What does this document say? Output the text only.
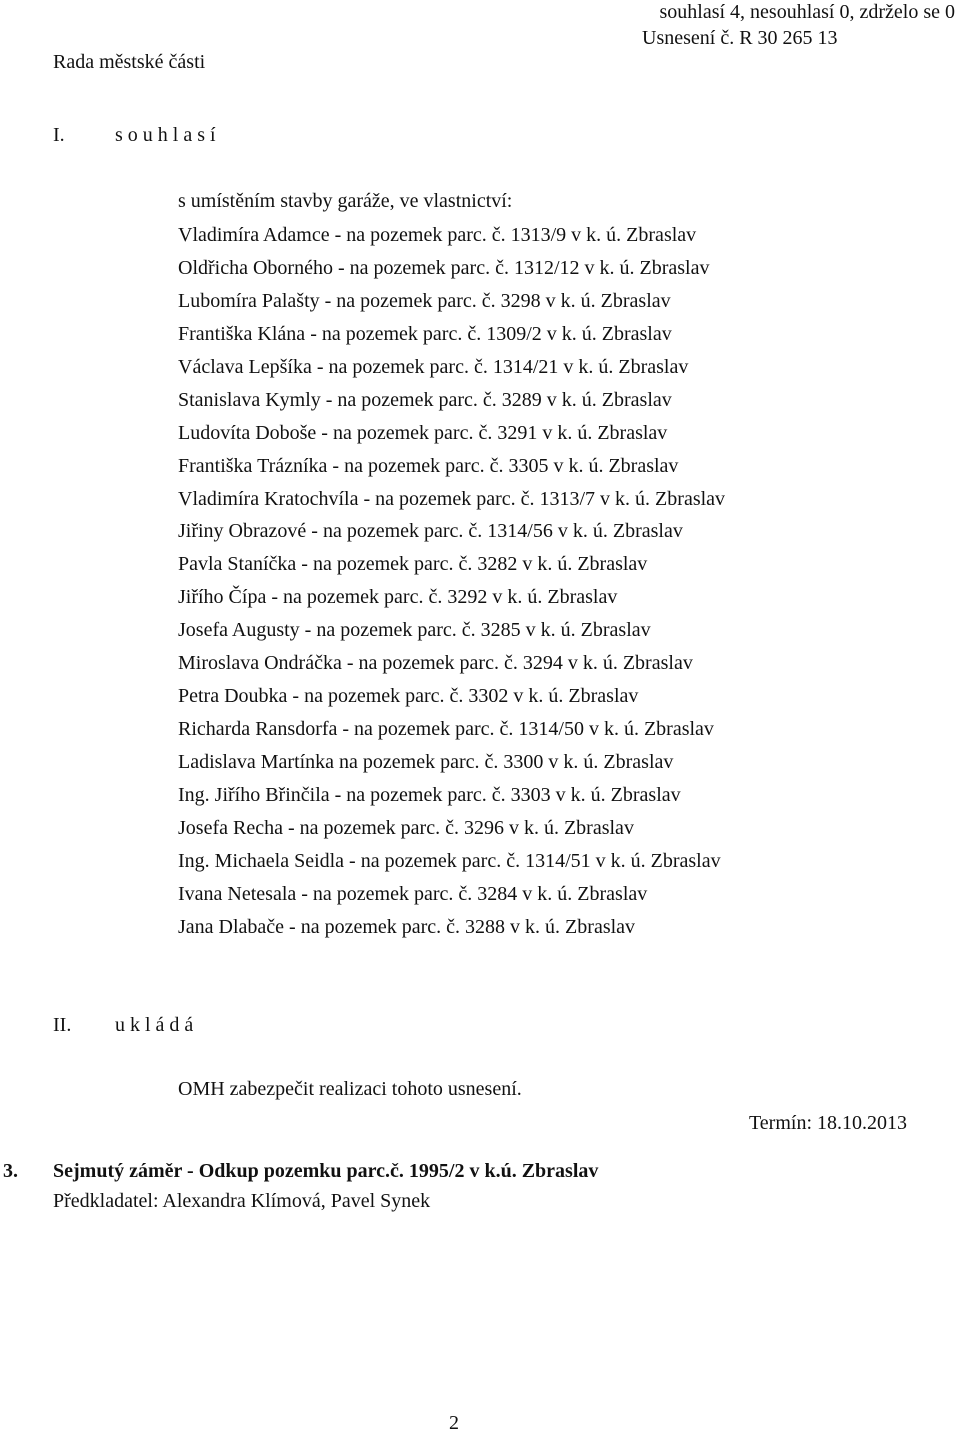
souhlasí 4, nesouhlasí 0, zdrželo se 0
Usnesení č. R 30 265 13
Rada městské části
I.	s o u h l a s í
s umístěním stavby garáže, ve vlastnictví:
Vladimíra Adamce - na pozemek parc. č. 1313/9 v k. ú. Zbraslav
Oldřicha Oborného - na pozemek parc. č. 1312/12 v k. ú. Zbraslav
Lubomíra Palašty - na pozemek parc. č. 3298 v k. ú. Zbraslav
Františka Klána - na pozemek parc. č. 1309/2 v k. ú. Zbraslav
Václava Lepšíka - na pozemek parc. č. 1314/21 v k. ú. Zbraslav
Stanislava Kymly - na pozemek parc. č. 3289 v k. ú. Zbraslav
Ludovíta Doboše - na pozemek parc. č. 3291 v k. ú. Zbraslav
Františka Trázníka - na pozemek parc. č. 3305 v k. ú. Zbraslav
Vladimíra Kratochvíla - na pozemek parc. č. 1313/7 v k. ú. Zbraslav
Jiřiny Obrazové - na pozemek parc. č. 1314/56 v k. ú. Zbraslav
Pavla Staníčka - na pozemek parc. č. 3282 v k. ú. Zbraslav
Jiřího Čípa - na pozemek parc. č. 3292 v k. ú. Zbraslav
Josefa Augusty - na pozemek parc. č. 3285 v k. ú. Zbraslav
Miroslava Ondráčka - na pozemek parc. č. 3294 v k. ú. Zbraslav
Petra Doubka - na pozemek parc. č. 3302 v k. ú. Zbraslav
Richarda Ransdorfa - na pozemek parc. č. 1314/50 v k. ú. Zbraslav
Ladislava Martínka na pozemek parc. č. 3300 v k. ú. Zbraslav
Ing. Jiřího Břinčila - na pozemek parc. č. 3303 v k. ú. Zbraslav
Josefa Recha - na pozemek parc. č. 3296 v k. ú. Zbraslav
Ing. Michaela Seidla - na pozemek parc. č. 1314/51 v k. ú. Zbraslav
Ivana Netesala - na pozemek parc. č. 3284 v k. ú. Zbraslav
Jana Dlabače - na pozemek parc. č. 3288 v k. ú. Zbraslav
II. u k l á d á
OMH zabezpečit realizaci tohoto usnesení.
Termín: 18.10.2013
3. Sejmutý záměr - Odkup pozemku parc.č. 1995/2 v k.ú. Zbraslav
Předkladatel: Alexandra Klímová, Pavel Synek
2
